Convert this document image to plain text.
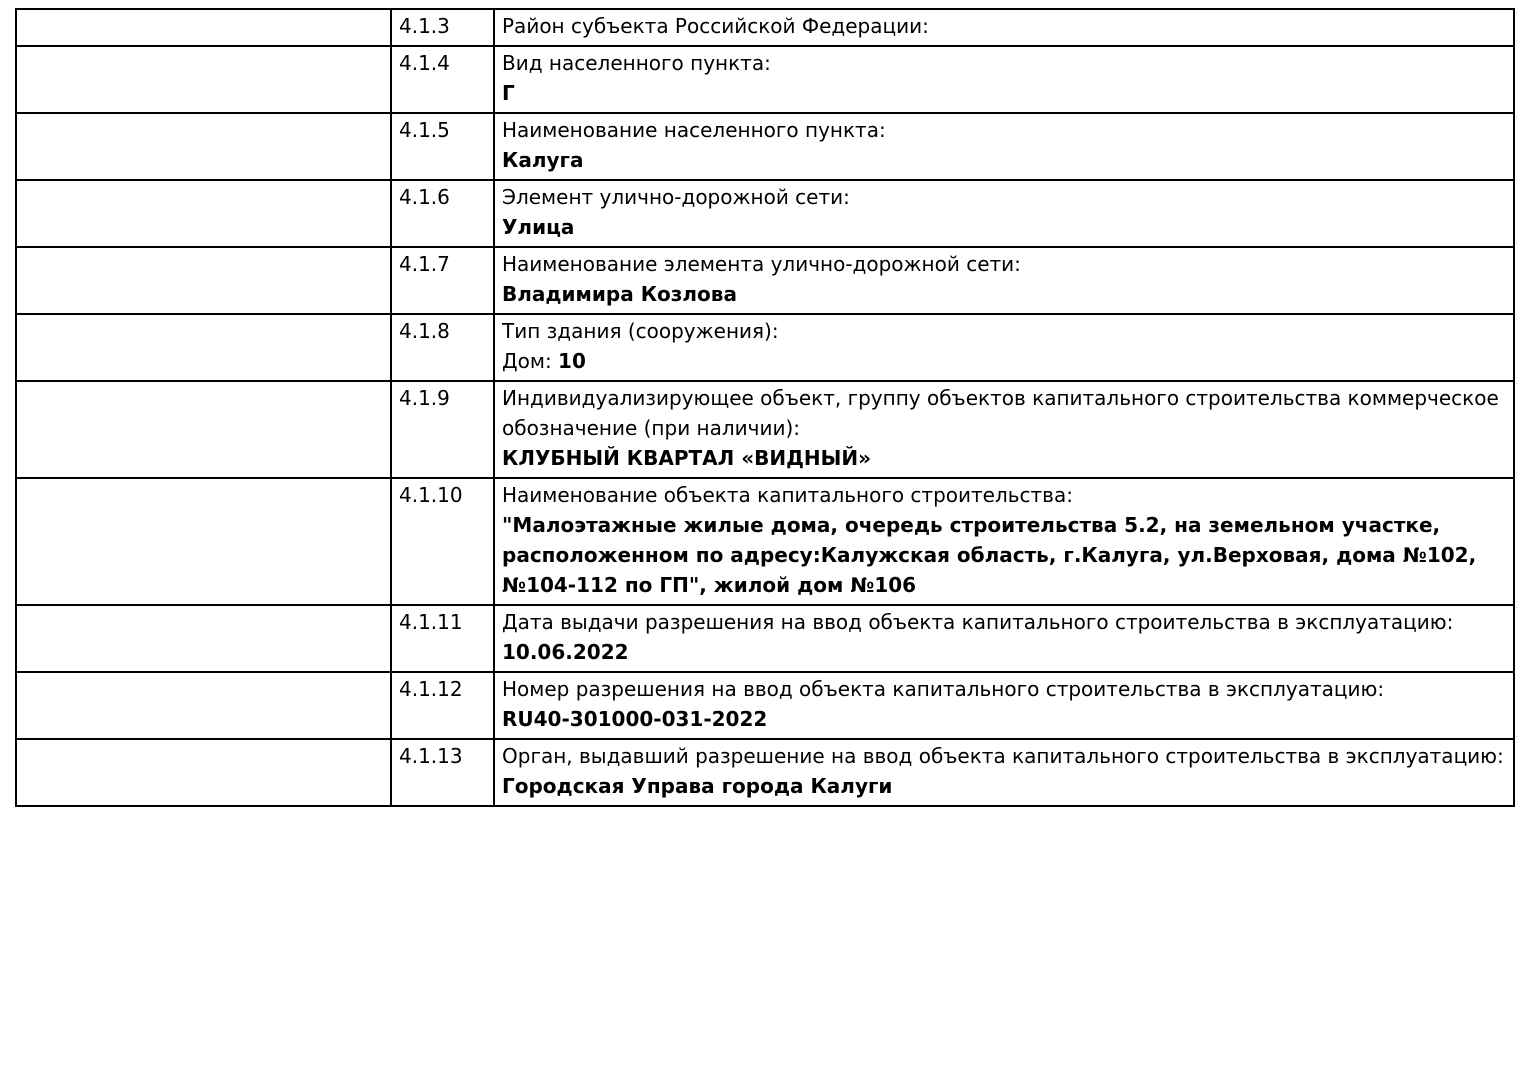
	4.1.3	Район субъекта Российской Федерации:

	4.1.4	Вид населенного пункта:
Г

	4.1.5	Наименование населенного пункта:
Калуга

	4.1.6	Элемент улично-дорожной сети:
Улица

	4.1.7	Наименование элемента улично-дорожной сети:
Владимира Козлова

	4.1.8	Тип здания (сооружения):
Дом: 10

	4.1.9	Индивидуализирующее объект, группу объектов капитального строительства коммерческое обозначение (при наличии):
КЛУБНЫЙ КВАРТАЛ «ВИДНЫЙ»

	4.1.10	Наименование объекта капитального строительства:
"Малоэтажные жилые дома, очередь строительства 5.2, на земельном участке, расположенном по адресу:Калужская область, г.Калуга, ул.Верховая, дома №102, №104-112 по ГП", жилой дом №106

	4.1.11	Дата выдачи разрешения на ввод объекта капитального строительства в эксплуатацию:
10.06.2022

	4.1.12	Номер разрешения на ввод объекта капитального строительства в эксплуатацию:
RU40-301000-031-2022

	4.1.13	Орган, выдавший разрешение на ввод объекта капитального строительства в эксплуатацию:
Городская Управа города Калуги
